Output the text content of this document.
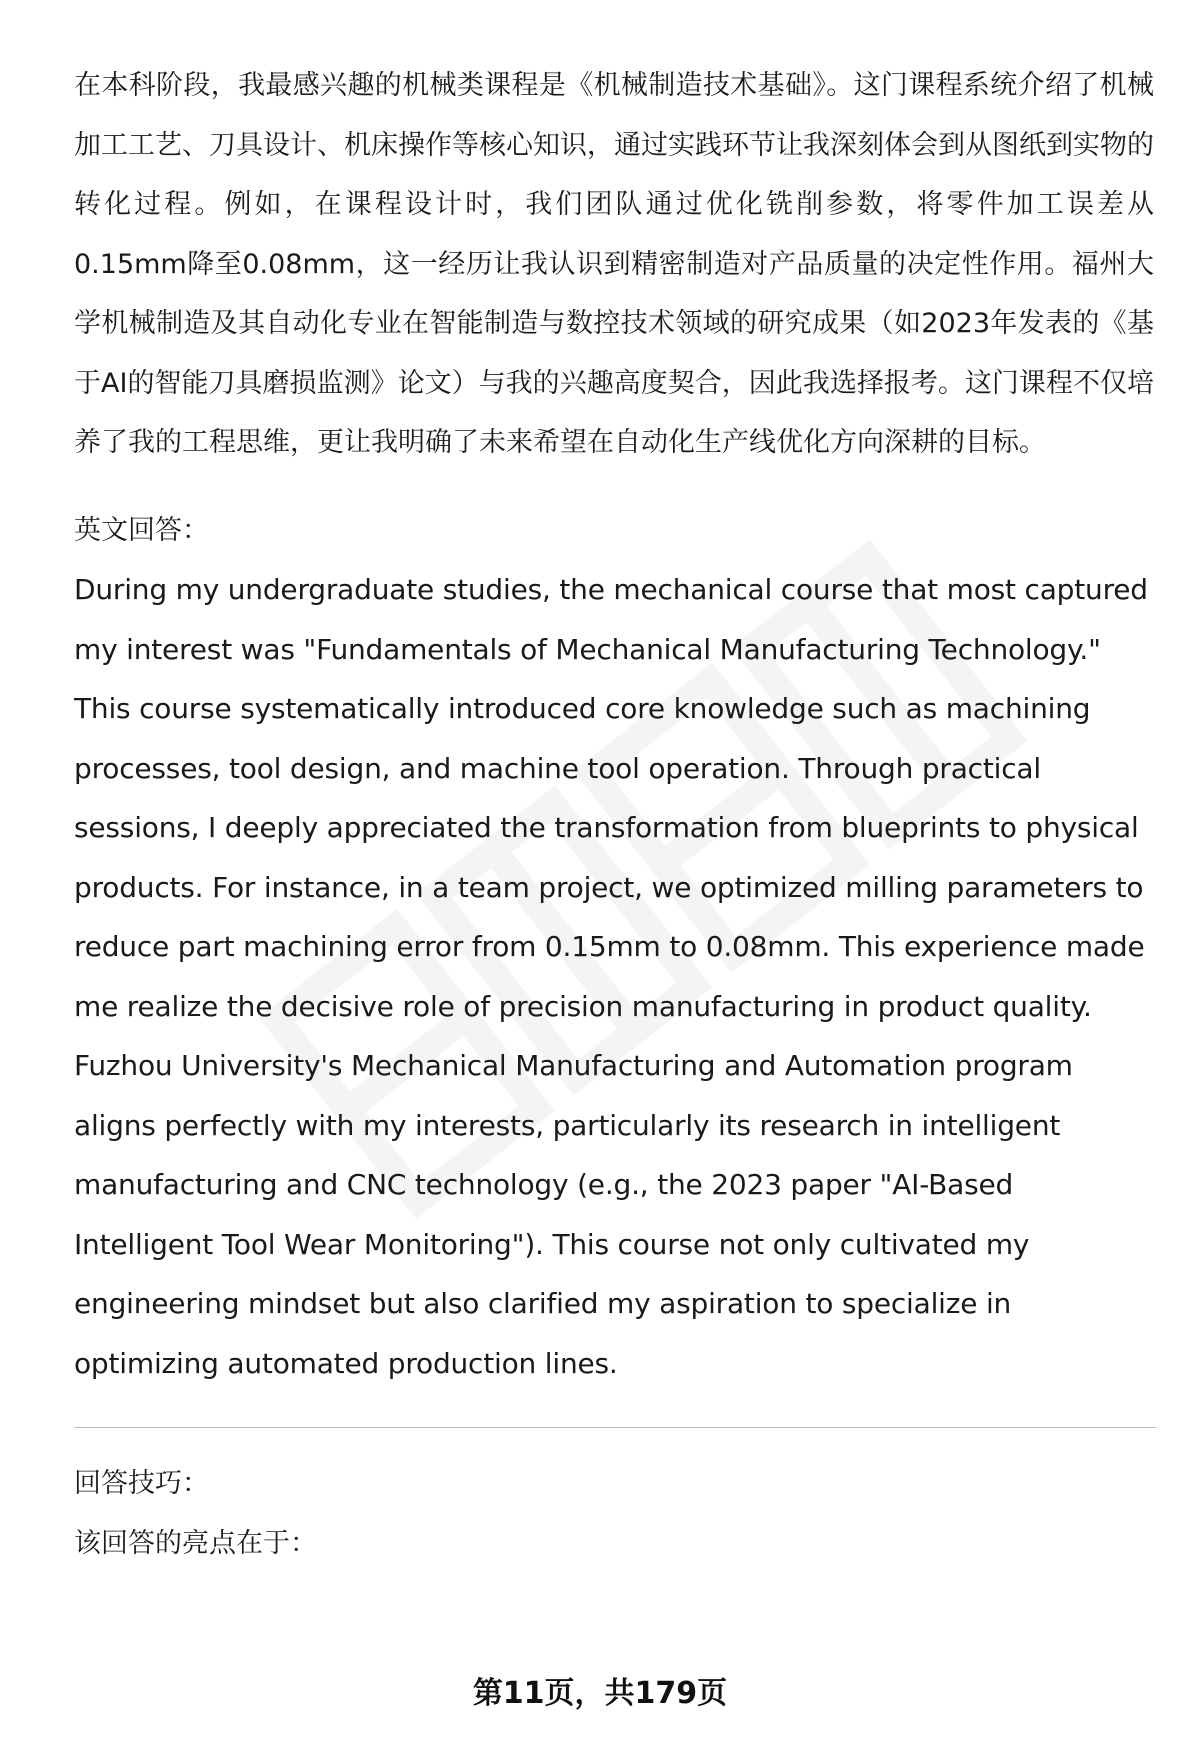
在本科阶段，我最感兴趣的机械类课程是《机械制造技术基础》。这门课程系统介绍了机械加工工艺、刀具设计、机床操作等核心知识，通过实践环节让我深刻体会到从图纸到实物的转化过程。例如，在课程设计时，我们团队通过优化铣削参数，将零件加工误差从0.15mm降至0.08mm，这一经历让我认识到精密制造对产品质量的决定性作用。福州大学机械制造及其自动化专业在智能制造与数控技术领域的研究成果（如2023年发表的《基于AI的智能刀具磨损监测》论文）与我的兴趣高度契合，因此我选择报考。这门课程不仅培养了我的工程思维，更让我明确了未来希望在自动化生产线优化方向深耕的目标。

英文回答：

During my undergraduate studies, the mechanical course that most captured my interest was "Fundamentals of Mechanical Manufacturing Technology." This course systematically introduced core knowledge such as machining processes, tool design, and machine tool operation. Through practical sessions, I deeply appreciated the transformation from blueprints to physical products. For instance, in a team project, we optimized milling parameters to reduce part machining error from 0.15mm to 0.08mm. This experience made me realize the decisive role of precision manufacturing in product quality. Fuzhou University's Mechanical Manufacturing and Automation program aligns perfectly with my interests, particularly its research in intelligent manufacturing and CNC technology (e.g., the 2023 paper "AI-Based Intelligent Tool Wear Monitoring"). This course not only cultivated my engineering mindset but also clarified my aspiration to specialize in optimizing automated production lines.

回答技巧：

该回答的亮点在于：

第11页，共179页
